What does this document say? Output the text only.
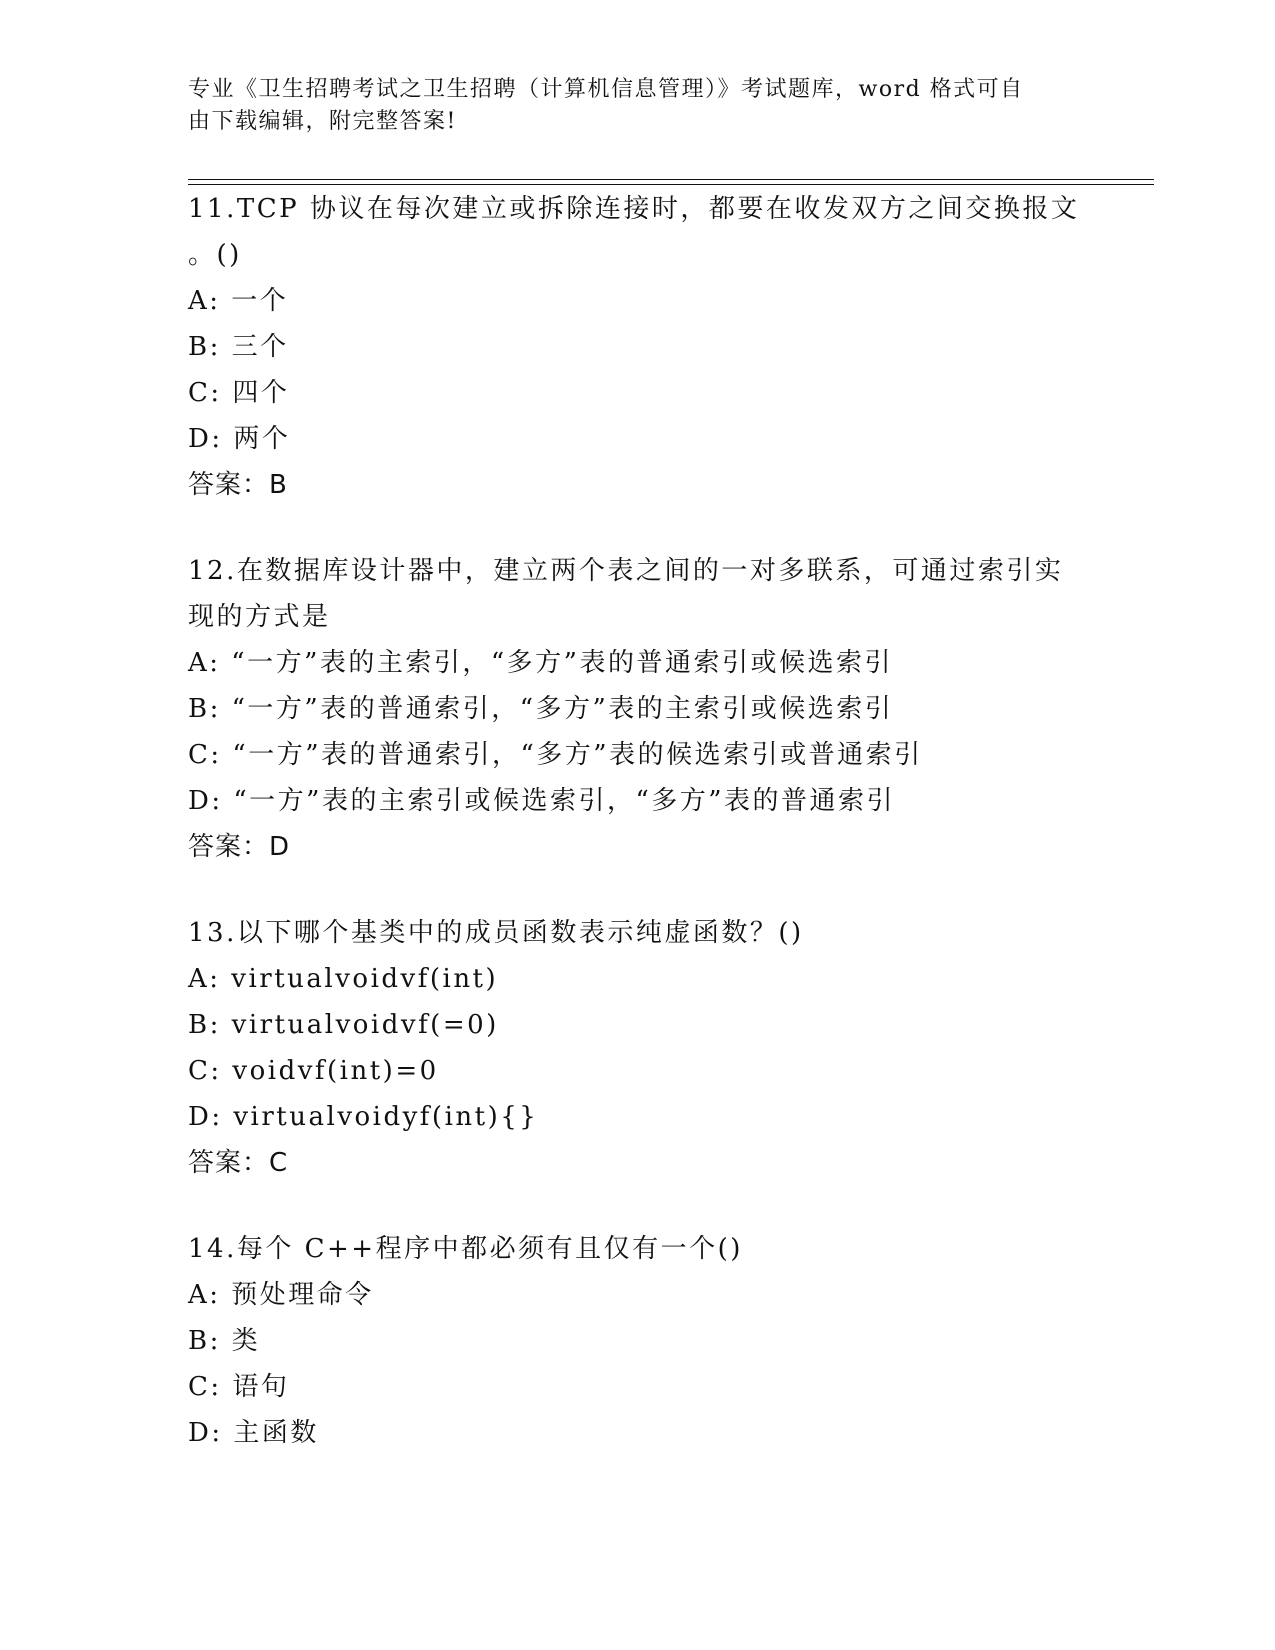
专业《卫生招聘考试之卫生招聘（计算机信息管理）》考试题库，word 格式可自
由下载编辑，附完整答案!
11.TCP 协议在每次建立或拆除连接时，都要在收发双方之间交换报文
。()
A: 一个
B: 三个
C: 四个
D: 两个
答案：B
12.在数据库设计器中，建立两个表之间的一对多联系，可通过索引实
现的方式是
A: “一方”表的主索引，“多方”表的普通索引或候选索引
B: “一方”表的普通索引，“多方”表的主索引或候选索引
C: “一方”表的普通索引，“多方”表的候选索引或普通索引
D: “一方”表的主索引或候选索引，“多方”表的普通索引
答案：D
13.以下哪个基类中的成员函数表示纯虚函数？()
A: virtualvoidvf(int)
B: virtualvoidvf(=0)
C: voidvf(int)=0
D: virtualvoidyf(int){}
答案：C
14.每个 C++程序中都必须有且仅有一个()
A: 预处理命令
B: 类
C: 语句
D: 主函数
